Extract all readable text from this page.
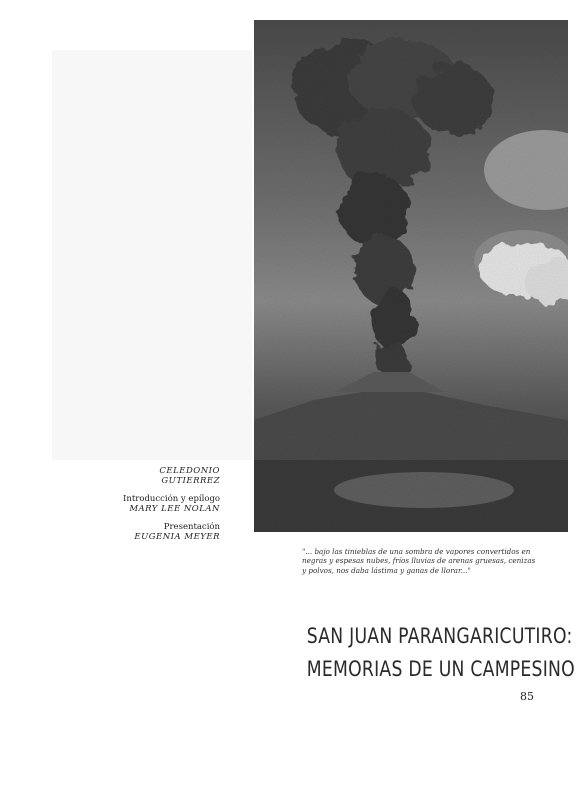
CELEDONIO GUTIERREZ
Introducción y epílogo
MARY LEE NOLAN
Presentación
EUGENIA MEYER
"... bajo las tinieblas de una sombra de vapores convertidos en negras y espesas nubes, fríos lluvias de arenas gruesas, cenizas y polvos, nos daba lástima y ganas de llorar..."
SAN JUAN PARANGARICUTIRO:
MEMORIAS DE UN CAMPESINO
85
